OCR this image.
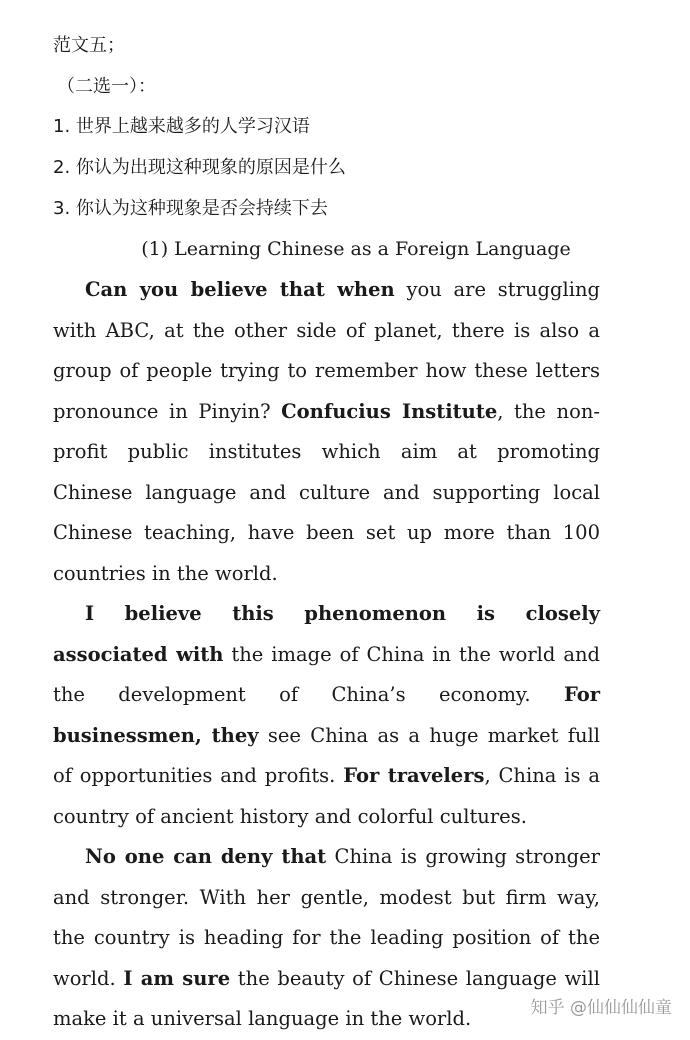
范文五；
（二选一）：
1. 世界上越来越多的人学习汉语
2. 你认为出现这种现象的原因是什么
3. 你认为这种现象是否会持续下去
(1) Learning Chinese as a Foreign Language
Can you believe that when you are struggling with ABC, at the other side of planet, there is also a group of people trying to remember how these letters pronounce in Pinyin? Confucius Institute, the non-profit public institutes which aim at promoting Chinese language and culture and supporting local Chinese teaching, have been set up more than 100 countries in the world.
I believe this phenomenon is closely associated with the image of China in the world and the development of China’s economy. For businessmen, they see China as a huge market full of opportunities and profits. For travelers, China is a country of ancient history and colorful cultures.
No one can deny that China is growing stronger and stronger. With her gentle, modest but firm way, the country is heading for the leading position of the world. I am sure the beauty of Chinese language will make it a universal language in the world.	知乎 @仙仙仙仙童
